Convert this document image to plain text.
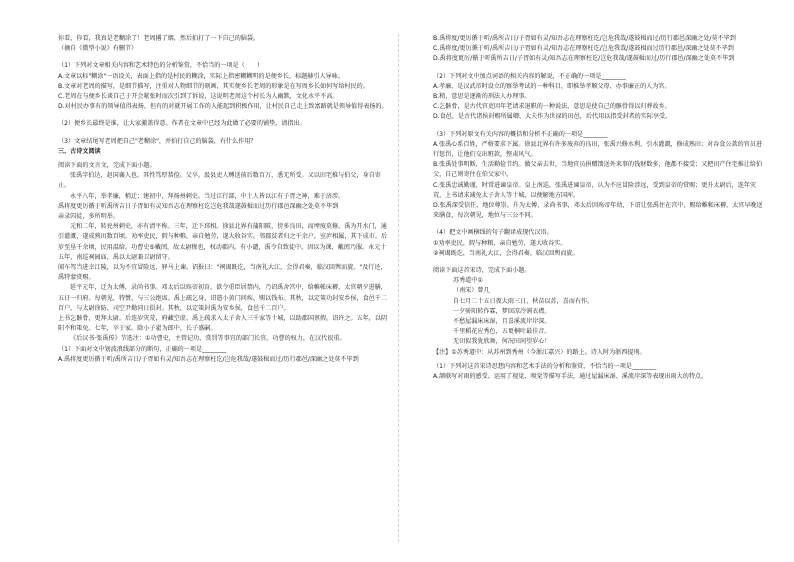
你看，你看，我真是老糊涂了！老周撂了烟，然后拍打了一下自己的脑袋。

（摘自《微型小说》有删节）

（1）下列对文章相关内容和艺术特色的分析鉴赏，不恰当的一项是（　　）

A.文章以标"糊涂"一语设关，表面上指的是村民的糊涂，实际上指密糊糊明的是便乡长，标题赫引人导咏。

B.文章对老周的描写，是细节描写，注重对人物细节的刻画，其实便乡长老周的形象是在写周乡长如何写给村民的。

C.老周在与便乡长谈自己于开会紧张时而次引到了诉说，这说明老周这个村长为人幽默，文化水平不高。

D.对村民办事有的领导值得表扬，但有的对就开展工作的人能起到积极作用，让村民自己走上致富路就是领导值得表扬的。

（2）便乡长最终是谁，让大家激盖得意。作者在文章中已经为此做了必要的铺垫，请指出。

（3）文章结尾写老周把自己"老糊涂"，并拍打自己的脑袋，有什么作用？

三、古诗文阅读

阅读下面的文言文，完成下面小题。

张禹字伯达，赵国襄人也。其性笃厚恭俭。父卒，汲县吏人赙送前后数百万，悉无所受。又以田宅推与伯父，身自寄止。

永平八年，举孝廉，稍迁；建初中，拜扬州刺史。当过江行部，中土人皆以江有子胥之神，难于济涉。

禹将度更厉循于听禹所吉日子胥如有灵知吾志在理察枉讫岂危我哉遂鼓楫而过历行郡邑深幽之处莫不毕到

亲录囚徒，多所明举。

元和二年，转兖州刺史，亦有清平称。三年，迁下邳相。徐县北界有蒲阳陂，傍多良田，而堙废莫修。禹为开水门，通引灌溉，遂成熟田数百顷。劝率吏民，假与种粮，亲自勉劳，遂大收谷实。邻郡贫者归之千余户，室庐相属，其下成市。后岁至垦千余顷，民用温给。功曹史⑤戴闰，故太尉掾也，权动郡内。有小谴，禹令自致徒中，因以为课，戴闰乃服。永元十五年，南巡祠园庙，禹以太尉兼卫尉留守。

闻车驾当进幸江陵，以为不宜冒险远，驿马上谏。诏报曰："祠谒既讫，当南礼大江，会得君奏，临汉回舆而旋。"及行还，禹特蒙赏赐。

延平元年，迁为太傅，录尚书事。邓太后以殇帝初育，欲令重臣居禁内，乃诏禹舍宫中，给帷帐床褥，太官朝夕进膳，五日一归府。每朝见，特赞，与三公绝席。禹上疏乞身，诏遣小黄门问疾，赐以钱布。其秋，以定策功封安乡侯，食邑千二百户，与太尉徐防、司空尹勤同日俱封。其秋，以定策封禹为安乡侯，食邑千二百户。

上书乞骸骨，更拜太尉。后连岁灾荒，府藏空虚，禹上疏求入太子舍人三千家等十城，以助郡国禀假。诏许之。五年，以阴阳不和策免。七年，卒于家。除小子翟为郎中，长子盛嗣。

《后汉书·张禹传》节选注：①功曹史，主管记功、赏罚等事宜的部门长官。功曹的权力，在汉代很重。

（1）下面对文中划波浪线部分的断句，正确的一项是________

A.禹将度更厉循于听/禹所吉日/子胥如有灵/知吾志在理察枉讫/岂危我哉/遂鼓楫而过/历行郡邑/深幽之处莫不毕到

B.禹将度/更厉循于听/禹所吉日/子胥如有灵/知吾志在理察枉讫/岂危我哉/遂鼓楫而过/历行郡邑深幽之处/莫不毕到

C.禹将度/更厉循于听/禹所吉日/子胥如有灵/知吾志在理察枉讫/岂危我哉/遂鼓楫而过历行郡邑/深幽之处莫不毕到

D.禹将度更厉/循于听禹所吉日/子胥如有灵/知吾志在理察枉讫/岂危我哉/遂鼓楫而过/历行郡邑/深幽之处莫不毕到

（2）下列对文中加点词语的相关内容的解说，不正确的一项是________

A.孝廉，是汉武帝时设立的察举考试的一种科目，即推举孝顺父母、办事廉正的人为官。

B.稍，意思是逐渐的刑法人办理事。

C.乞骸骨，是古代官吏因年老请求退职的一种说法，意思是使自己的骸骨得以归葬故乡。

D.食邑，是古代诸侯封赐所属卿、大夫作为世禄的田邑，后代用以指受封者的实际享受。

（3）下列对原文有关内容的概括和分析不正确的一项是________

A.张禹心系百姓，严格要求下属。徐县北界有许多废弃的良田，张禹兴修水利，引水灌溉，修成熟田；对吞食公款的官员进行惩罚，让他们交出赃款，整肃风气。

B.张禹处事明断，生活勤俭节约。做父亲去世，当地官员捐赠馈送外来事的钱财数多，他都不接受；又把田产住宅推让给伯父，自己则寄住在伯父家中。

C.张禹忠诚勤谨，时常进谏皇帝。皇上南巡，张禹进谏皇帝，认为不应冒险涉远，受到皇帝的赏赐；更升太尉后，连年灾荒，上书请求减免太子舍人等十城，以便解地方国库。

D.张禹深受信任，地位尊崇。升为太傅，录尚书事，邓太后因殇帝年幼，下诏让张禹住在宫中，赐给帷帐床褥，太官早晚送来膳食，每次朝见，地位与三公不同。

（4）把文中画横线的句子翻译成现代汉语。

①劝率吏民，假与种粮，亲自勉劳，遂大收谷实。

②祠谒既讫，当南礼大江，会得君奏，临汉回舆而旋。

阅读下面这首宋诗，完成下面小题。

苏秀道中①

（南宋）曾几

自七月二十五日夜大雨三日，秋苗以苏，喜而有作。

一夕骄阳转作霖，梦回凉冷润衣襟。

不愁屋漏床床湿，且喜溪流岸岸深。

千里稻花应秀色，五更桐叶最佳音。

无田似我犹欣舞，何况田间望岁心！

【注】①苏秀道中：从苏州到秀州（今浙江嘉兴）的路上。诗人时为浙西提刑。

（1）下列对这首宋诗思想内容和艺术手法的分析和鉴赏，不恰当的一项是________

A.颔联写对雨的感受。运用了视觉、嗅觉等描写手法，通过屋漏床湿、溪流岸深等表现出雨大的特点。
